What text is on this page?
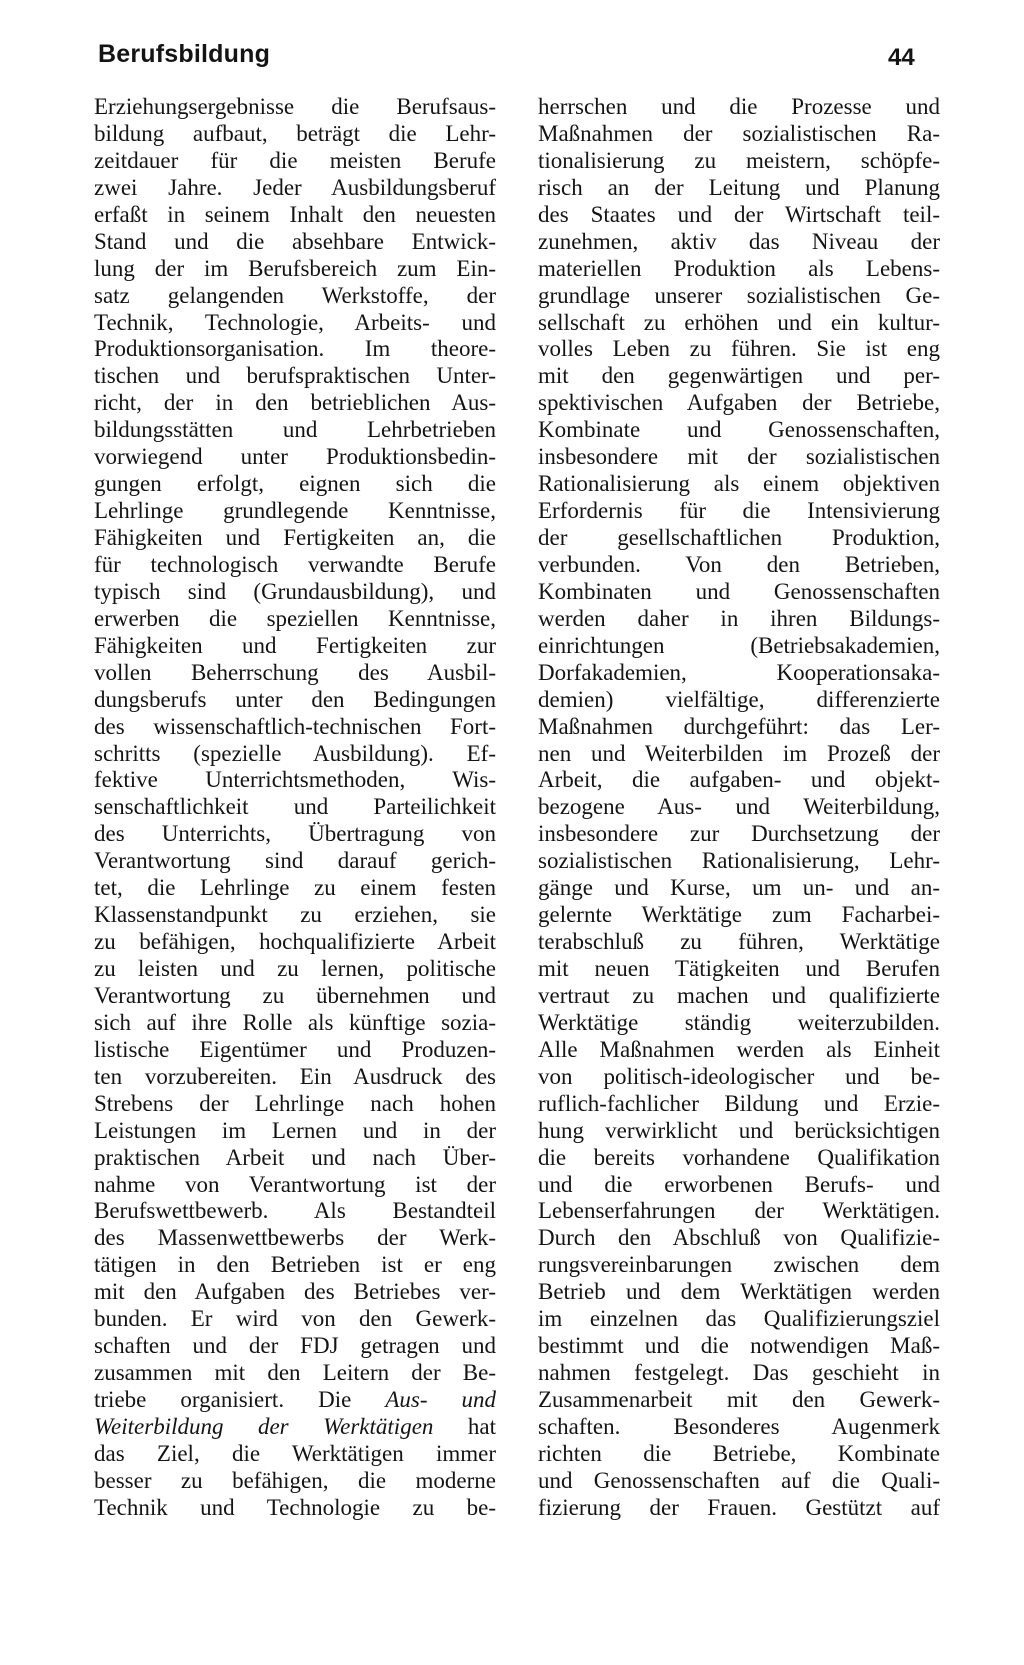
Berufsbildung	44
Erziehungsergebnisse die Berufsaus-
bildung aufbaut, beträgt die Lehr-
zeitdauer für die meisten Berufe
zwei Jahre. Jeder Ausbildungsberuf
erfaßt in seinem Inhalt den neuesten
Stand und die absehbare Entwick-
lung der im Berufsbereich zum Ein-
satz gelangenden Werkstoffe, der
Technik, Technologie, Arbeits- und
Produktionsorganisation. Im theore-
tischen und berufspraktischen Unter-
richt, der in den betrieblichen Aus-
bildungsstätten und Lehrbetrieben
vorwiegend unter Produktionsbedin-
gungen erfolgt, eignen sich die
Lehrlinge grundlegende Kenntnisse,
Fähigkeiten und Fertigkeiten an, die
für technologisch verwandte Berufe
typisch sind (Grundausbildung), und
erwerben die speziellen Kenntnisse,
Fähigkeiten und Fertigkeiten zur
vollen Beherrschung des Ausbil-
dungsberufs unter den Bedingungen
des wissenschaftlich-technischen Fort-
schritts (spezielle Ausbildung). Ef-
fektive Unterrichtsmethoden, Wis-
senschaftlichkeit und Parteilichkeit
des Unterrichts, Übertragung von
Verantwortung sind darauf gerich-
tet, die Lehrlinge zu einem festen
Klassenstandpunkt zu erziehen, sie
zu befähigen, hochqualifizierte Arbeit
zu leisten und zu lernen, politische
Verantwortung zu übernehmen und
sich auf ihre Rolle als künftige sozia-
listische Eigentümer und Produzen-
ten vorzubereiten. Ein Ausdruck des
Strebens der Lehrlinge nach hohen
Leistungen im Lernen und in der
praktischen Arbeit und nach Über-
nahme von Verantwortung ist der
Berufswettbewerb. Als Bestandteil
des Massenwettbewerbs der Werk-
tätigen in den Betrieben ist er eng
mit den Aufgaben des Betriebes ver-
bunden. Er wird von den Gewerk-
schaften und der FDJ getragen und
zusammen mit den Leitern der Be-
triebe organisiert. Die Aus- und
Weiterbildung der Werktätigen hat
das Ziel, die Werktätigen immer
besser zu befähigen, die moderne
Technik und Technologie zu be-
herrschen und die Prozesse und
Maßnahmen der sozialistischen Ra-
tionalisierung zu meistern, schöpfe-
risch an der Leitung und Planung
des Staates und der Wirtschaft teil-
zunehmen, aktiv das Niveau der
materiellen Produktion als Lebens-
grundlage unserer sozialistischen Ge-
sellschaft zu erhöhen und ein kultur-
volles Leben zu führen. Sie ist eng
mit den gegenwärtigen und per-
spektivischen Aufgaben der Betriebe,
Kombinate und Genossenschaften,
insbesondere mit der sozialistischen
Rationalisierung als einem objektiven
Erfordernis für die Intensivierung
der gesellschaftlichen Produktion,
verbunden. Von den Betrieben,
Kombinaten und Genossenschaften
werden daher in ihren Bildungs-
einrichtungen (Betriebsakademien,
Dorfakademien, Kooperationsaka-
demien) vielfältige, differenzierte
Maßnahmen durchgeführt: das Ler-
nen und Weiterbilden im Prozeß der
Arbeit, die aufgaben- und objekt-
bezogene Aus- und Weiterbildung,
insbesondere zur Durchsetzung der
sozialistischen Rationalisierung, Lehr-
gänge und Kurse, um un- und an-
gelernte Werktätige zum Facharbei-
terabschluß zu führen, Werktätige
mit neuen Tätigkeiten und Berufen
vertraut zu machen und qualifizierte
Werktätige ständig weiterzubilden.
Alle Maßnahmen werden als Einheit
von politisch-ideologischer und be-
ruflich-fachlicher Bildung und Erzie-
hung verwirklicht und berücksichtigen
die bereits vorhandene Qualifikation
und die erworbenen Berufs- und
Lebenserfahrungen der Werktätigen.
Durch den Abschluß von Qualifizie-
rungsvereinbarungen zwischen dem
Betrieb und dem Werktätigen werden
im einzelnen das Qualifizierungsziel
bestimmt und die notwendigen Maß-
nahmen festgelegt. Das geschieht in
Zusammenarbeit mit den Gewerk-
schaften. Besonderes Augenmerk
richten die Betriebe, Kombinate
und Genossenschaften auf die Quali-
fizierung der Frauen. Gestützt auf
